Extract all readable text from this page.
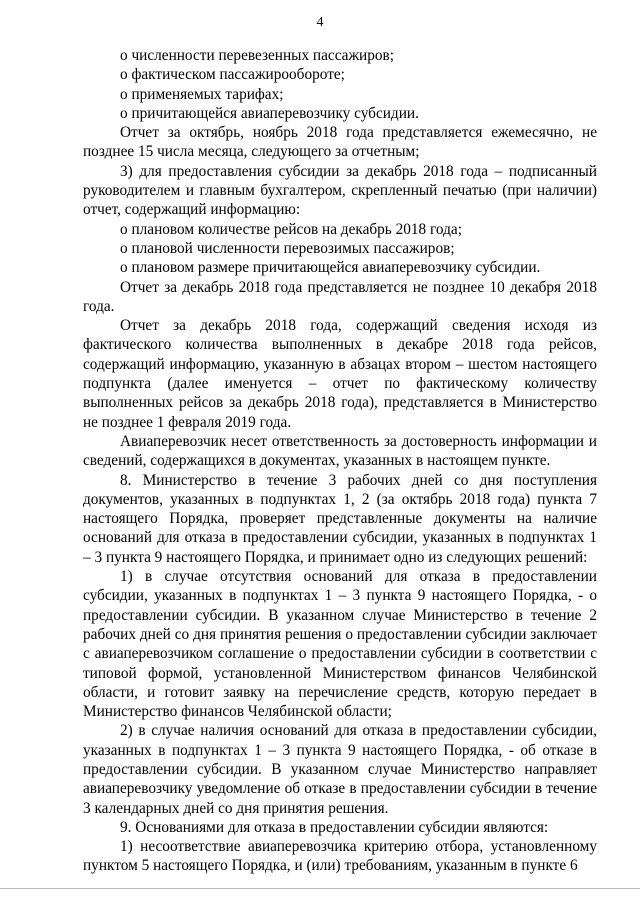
4

о численности перевезенных пассажиров;

о фактическом пассажирообороте;

о применяемых тарифах;

о причитающейся авиаперевозчику субсидии.

Отчет за октябрь, ноябрь 2018 года представляется ежемесячно, не позднее 15 числа месяца, следующего за отчетным;

3) для предоставления субсидии за декабрь 2018 года – подписанный руководителем и главным бухгалтером, скрепленный печатью (при наличии) отчет, содержащий информацию:

о плановом количестве рейсов на декабрь 2018 года;

о плановой численности перевозимых пассажиров;

о плановом размере причитающейся авиаперевозчику субсидии.

Отчет за декабрь 2018 года представляется не позднее 10 декабря 2018 года.

Отчет за декабрь 2018 года, содержащий сведения исходя из фактического количества выполненных в декабре 2018 года рейсов, содержащий информацию, указанную в абзацах втором – шестом настоящего подпункта (далее именуется – отчет по фактическому количеству выполненных рейсов за декабрь 2018 года), представляется в Министерство не позднее 1 февраля 2019 года.

Авиаперевозчик несет ответственность за достоверность информации и сведений, содержащихся в документах, указанных в настоящем пункте.

8. Министерство в течение 3 рабочих дней со дня поступления документов, указанных в подпунктах 1, 2 (за октябрь 2018 года) пункта 7 настоящего Порядка, проверяет представленные документы на наличие оснований для отказа в предоставлении субсидии, указанных в подпунктах 1 – 3 пункта 9 настоящего Порядка, и принимает одно из следующих решений:

1) в случае отсутствия оснований для отказа в предоставлении субсидии, указанных в подпунктах 1 – 3 пункта 9 настоящего Порядка, - о предоставлении субсидии. В указанном случае Министерство в течение 2 рабочих дней со дня принятия решения о предоставлении субсидии заключает с авиаперевозчиком соглашение о предоставлении субсидии в соответствии с типовой формой, установленной Министерством финансов Челябинской области, и готовит заявку на перечисление средств, которую передает в Министерство финансов Челябинской области;

2) в случае наличия оснований для отказа в предоставлении субсидии, указанных в подпунктах 1 – 3 пункта 9 настоящего Порядка, - об отказе в предоставлении субсидии. В указанном случае Министерство направляет авиаперевозчику уведомление об отказе в предоставлении субсидии в течение 3 календарных дней со дня принятия решения.

9. Основаниями для отказа в предоставлении субсидии являются:

1) несоответствие авиаперевозчика критерию отбора, установленному пунктом 5 настоящего Порядка, и (или) требованиям, указанным в пункте 6
